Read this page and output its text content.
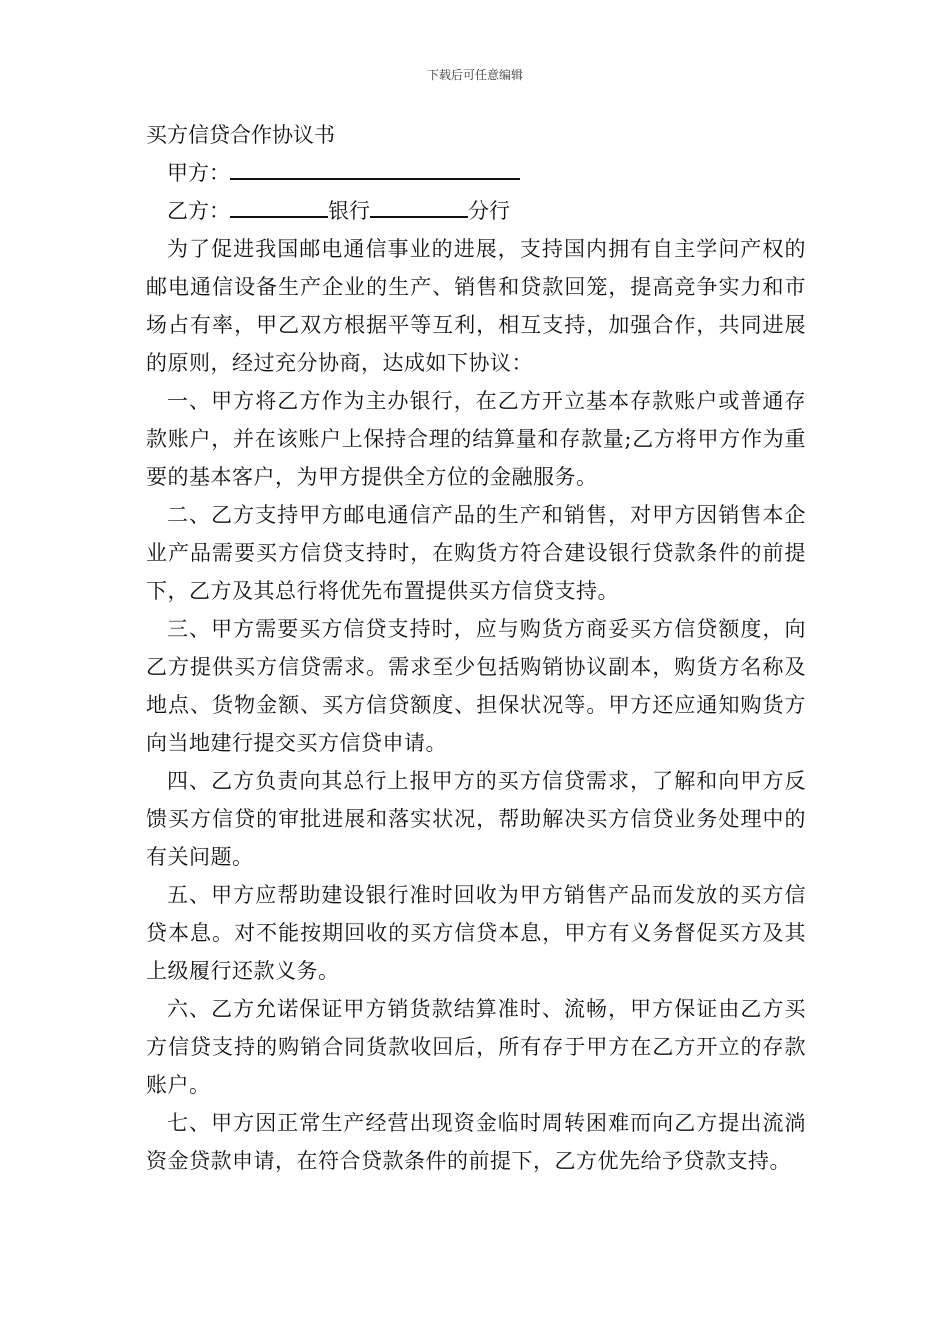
下载后可任意编辑
买方信贷合作协议书
甲方：
乙方：	银行	分行

为了促进我国邮电通信事业的进展，支持国内拥有自主学问产权的邮电通信设备生产企业的生产、销售和贷款回笼，提高竞争实力和市场占有率，甲乙双方根据平等互利，相互支持，加强合作，共同进展的原则，经过充分协商，达成如下协议：

一、甲方将乙方作为主办银行，在乙方开立基本存款账户或普通存款账户，并在该账户上保持合理的结算量和存款量;乙方将甲方作为重要的基本客户，为甲方提供全方位的金融服务。

二、乙方支持甲方邮电通信产品的生产和销售，对甲方因销售本企业产品需要买方信贷支持时，在购货方符合建设银行贷款条件的前提下，乙方及其总行将优先布置提供买方信贷支持。

三、甲方需要买方信贷支持时，应与购货方商妥买方信贷额度，向乙方提供买方信贷需求。需求至少包括购销协议副本，购货方名称及地点、货物金额、买方信贷额度、担保状况等。甲方还应通知购货方向当地建行提交买方信贷申请。

四、乙方负责向其总行上报甲方的买方信贷需求，了解和向甲方反馈买方信贷的审批进展和落实状况，帮助解决买方信贷业务处理中的有关问题。

五、甲方应帮助建设银行准时回收为甲方销售产品而发放的买方信贷本息。对不能按期回收的买方信贷本息，甲方有义务督促买方及其上级履行还款义务。

六、乙方允诺保证甲方销货款结算准时、流畅，甲方保证由乙方买方信贷支持的购销合同货款收回后，所有存于甲方在乙方开立的存款账户。

七、甲方因正常生产经营出现资金临时周转困难而向乙方提出流淌资金贷款申请，在符合贷款条件的前提下，乙方优先给予贷款支持。
